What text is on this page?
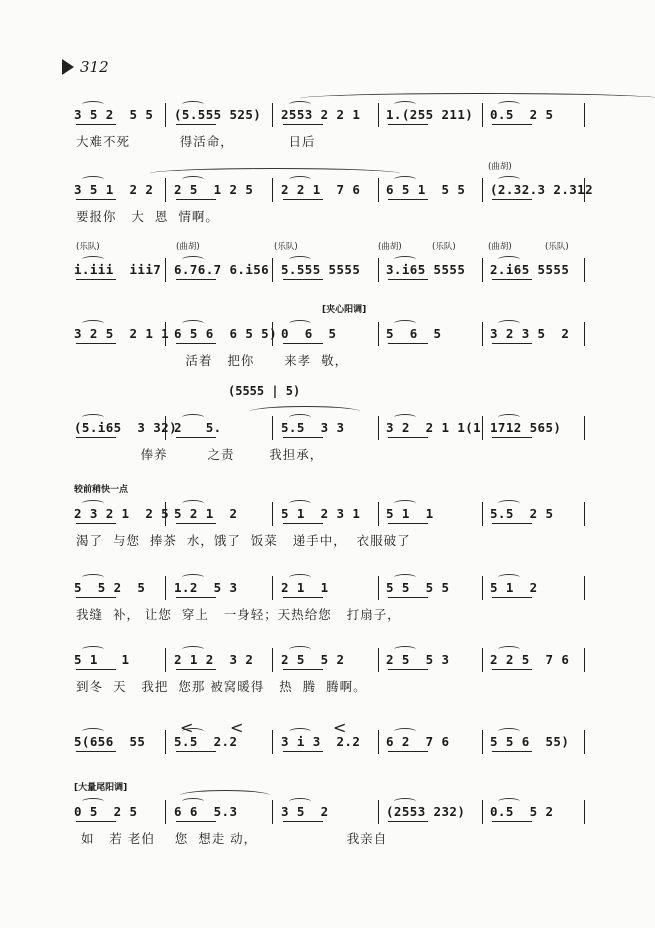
312
3 5 2  5 5 (5.555 525) 2553 2 2 1 1.(255 211) 0.5  2 5
大难不死          得活命，           日后
(曲胡)
3 5 1  2 2 2 5  1 2 5 2 2 1  7 6 6 5 1  5 5 (2.32.3 2.312
要报你   大  恩  情啊。
(乐队)	(曲胡)	(乐队)	(曲胡)	(乐队)	(曲胡)	(乐队)
i.iii  iii7 6.76.7 6.i56 5.555 5555 3.i65 5555 2.i65 5555
[夹心阳调]
3 2 5  2 1 1 6 5 6  6 5 5) 0  6  5	5  6  5	3 2 3 5  2
活着   把你      来孝  敬，
(5555 | 5)
(5.i65  3 32)
2   5.	5.5  3 3	3 2  2 1 1(1 1712 565)
俸养        之责       我担承，
较前稍快一点
2 3 2 1  2 5 5 2 1  2	5 1  2 3 1 5 1  1	5.5  2 5
渴了  与您  捧茶  水，饿了  饭菜   递手中，  衣服破了
5  5 2  5 1.2  5 3	2 1  1	5 5  5 5	5 1  2
我缝  补， 让您  穿上   一身轻；天热给您   打扇子，
5 1   1	2 1 2  3 2 2 5  5 2	2 5  5 3	2 2 5  7 6
到冬  天   我把  您那 被窝暖得   热  腾  腾啊。
< <	<
5(656  55 5.5  2.2	3 i 3  2.2 6 2  7 6	5 5 6  55)
[大量尾阳调]
0 5  2 5	6 6  5.3	3 5  2	(2553 232) 0.5  5 2
如   若 老伯    您  想走 动，                  我亲自
